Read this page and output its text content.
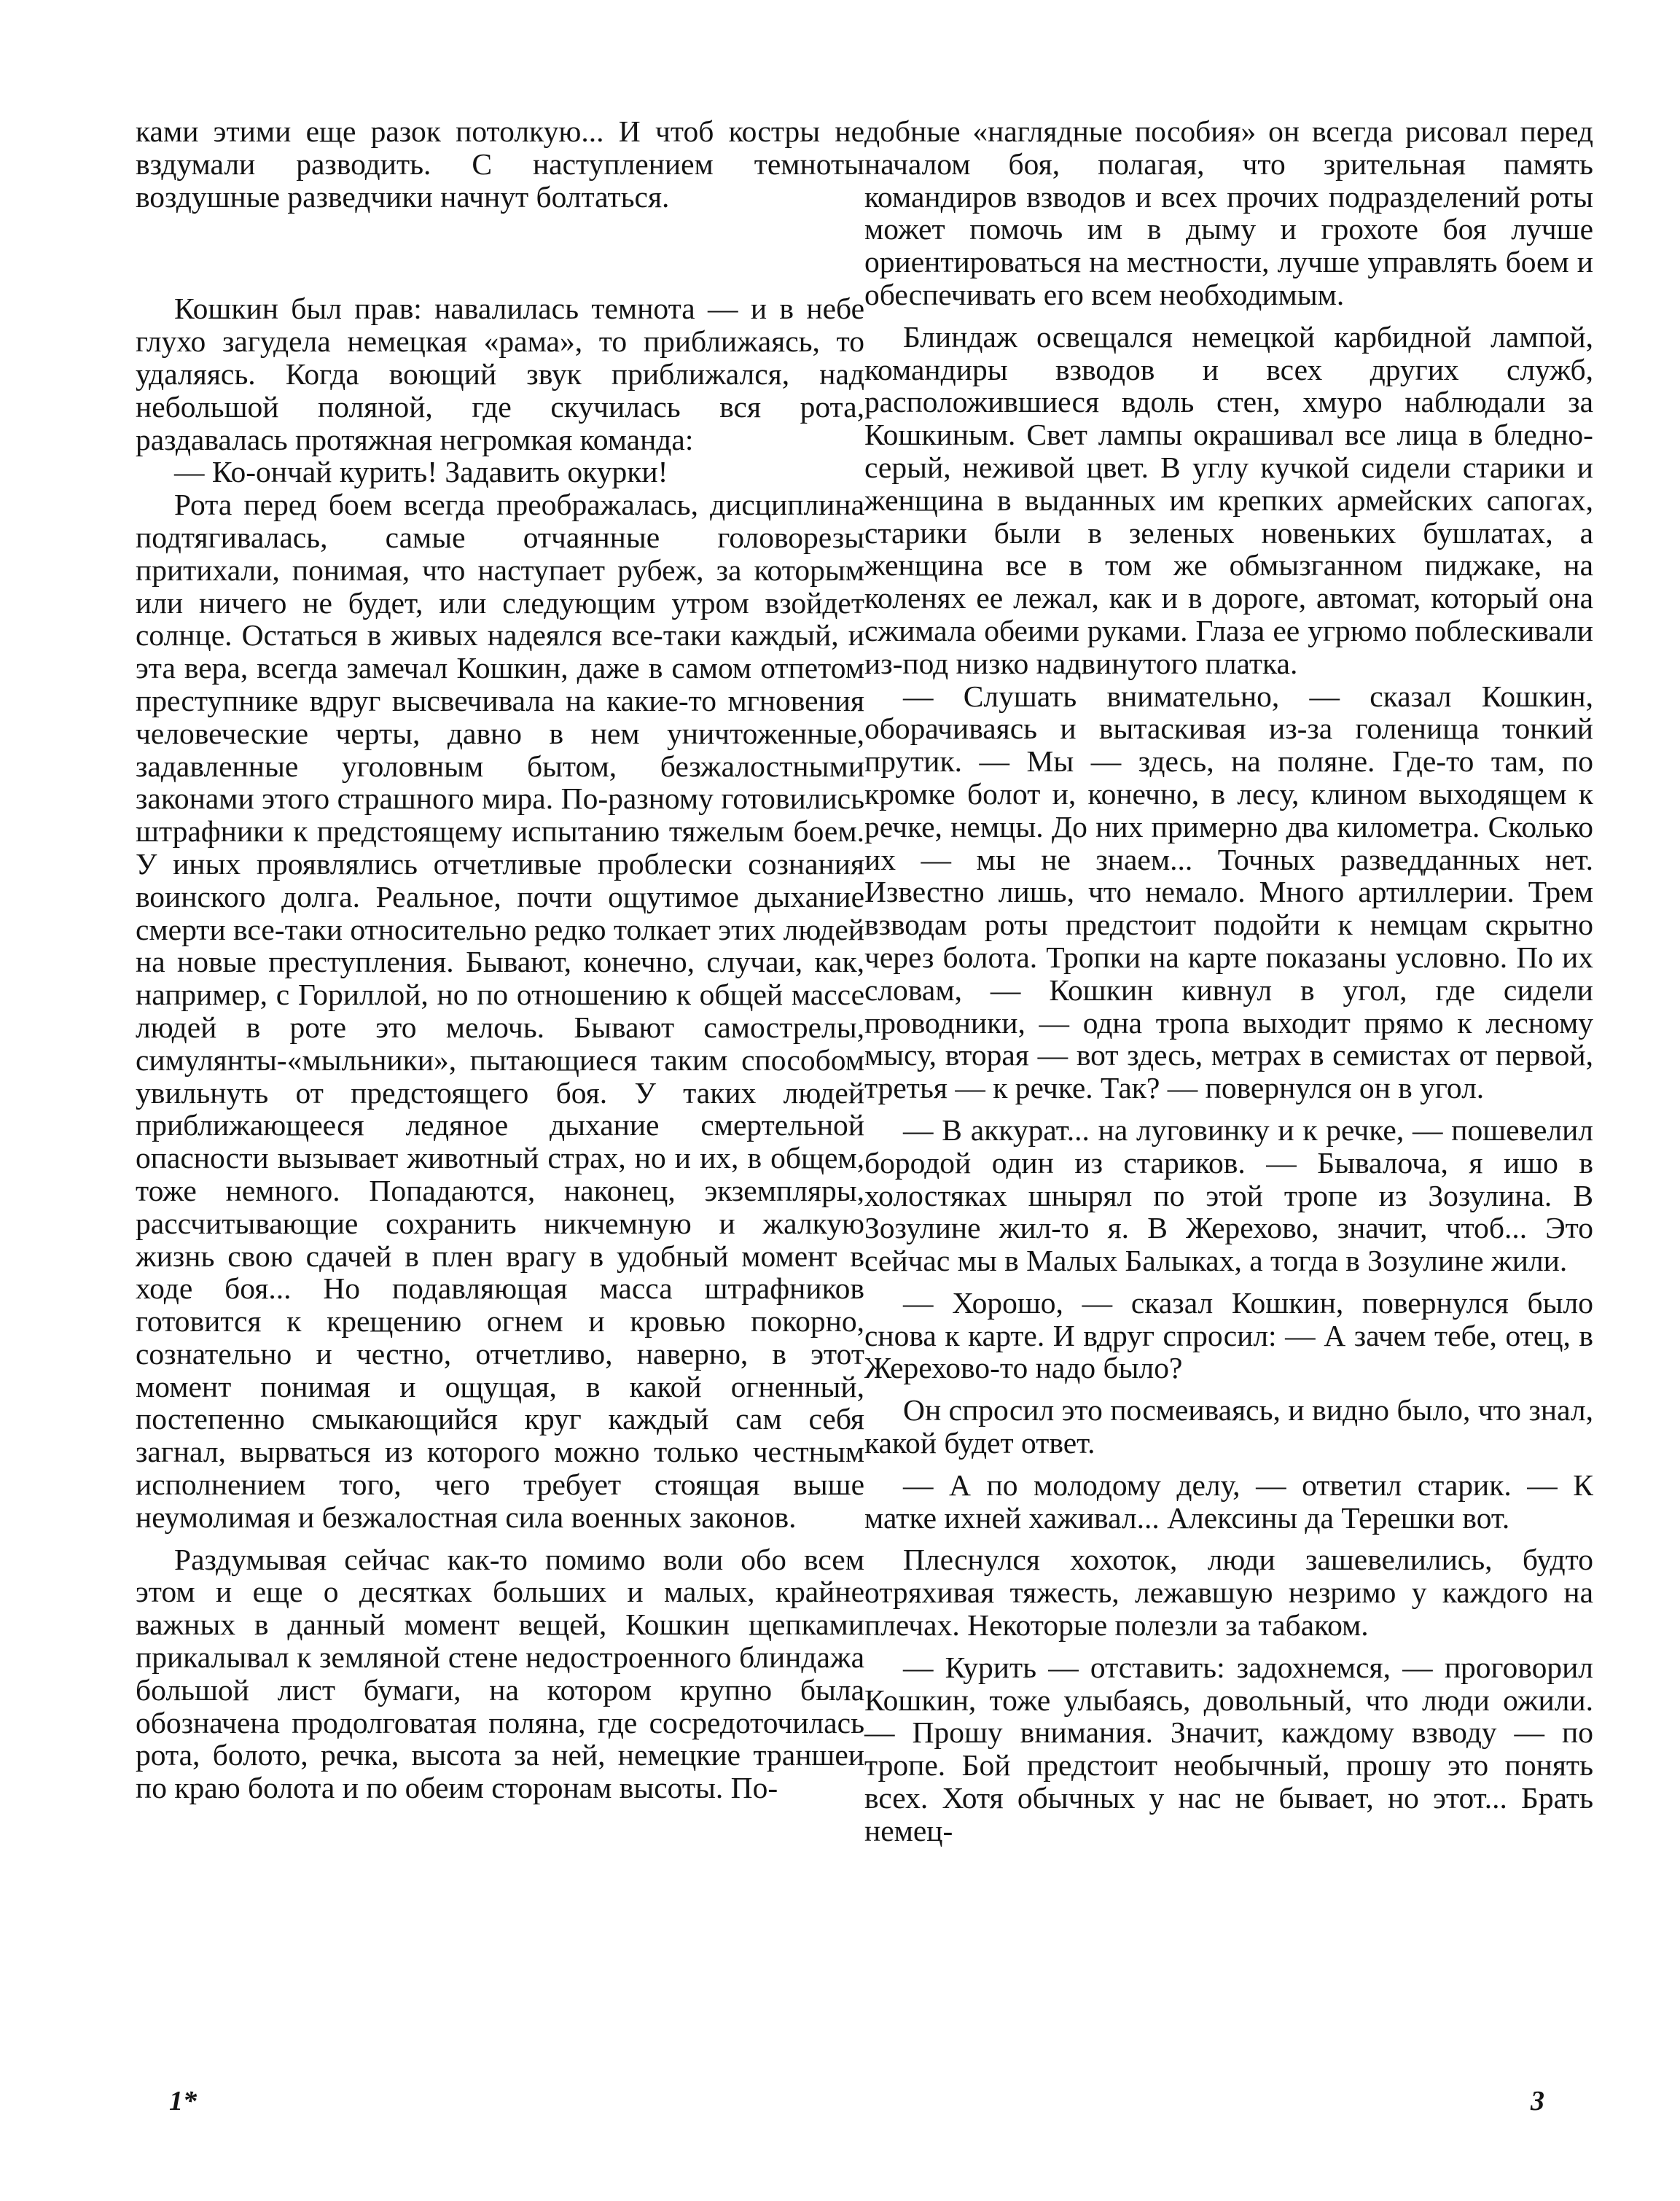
ками этими еще разок потолкую... И чтоб костры не вздумали разводить. С наступлением темноты воздушные разведчики начнут болтаться.

Кошкин был прав: навалилась темнота — и в небе глухо загудела немецкая «рама», то приближаясь, то удаляясь. Когда воющий звук приближался, над небольшой поляной, где скучилась вся рота, раздавалась протяжная негромкая команда:

— Ко-ончай курить! Задавить окурки!

Рота перед боем всегда преображалась, дисциплина подтягивалась, самые отчаянные головорезы притихали, понимая, что наступает рубеж, за которым или ничего не будет, или следующим утром взойдет солнце. Остаться в живых надеялся все-таки каждый, и эта вера, всегда замечал Кошкин, даже в самом отпетом преступнике вдруг высвечивала на какие-то мгновения человеческие черты, давно в нем уничтоженные, задавленные уголовным бытом, безжалостными законами этого страшного мира. По-разному готовились штрафники к предстоящему испытанию тяжелым боем. У иных проявлялись отчетливые проблески сознания воинского долга. Реальное, почти ощутимое дыхание смерти все-таки относительно редко толкает этих людей на новые преступления. Бывают, конечно, случаи, как, например, с Гориллой, но по отношению к общей массе людей в роте это мелочь. Бывают самострелы, симулянты-«мыльники», пытающиеся таким способом увильнуть от предстоящего боя. У таких людей приближающееся ледяное дыхание смертельной опасности вызывает животный страх, но и их, в общем, тоже немного. Попадаются, наконец, экземпляры, рассчитывающие сохранить никчемную и жалкую жизнь свою сдачей в плен врагу в удобный момент в ходе боя... Но подавляющая масса штрафников готовится к крещению огнем и кровью покорно, сознательно и честно, отчетливо, наверно, в этот момент понимая и ощущая, в какой огненный, постепенно смыкающийся круг каждый сам себя загнал, вырваться из которого можно только честным исполнением того, чего требует стоящая выше неумолимая и безжалостная сила военных законов.

Раздумывая сейчас как-то помимо воли обо всем этом и еще о десятках больших и малых, крайне важных в данный момент вещей, Кошкин щепками прикалывал к земляной стене недостроенного блиндажа большой лист бумаги, на котором крупно была обозначена продолговатая поляна, где сосредоточилась рота, болото, речка, высота за ней, немецкие траншеи по краю болота и по обеим сторонам высоты. По-

добные «наглядные пособия» он всегда рисовал перед началом боя, полагая, что зрительная память командиров взводов и всех прочих подразделений роты может помочь им в дыму и грохоте боя лучше ориентироваться на местности, лучше управлять боем и обеспечивать его всем необходимым.

Блиндаж освещался немецкой карбидной лампой, командиры взводов и всех других служб, расположившиеся вдоль стен, хмуро наблюдали за Кошкиным. Свет лампы окрашивал все лица в бледно-серый, неживой цвет. В углу кучкой сидели старики и женщина в выданных им крепких армейских сапогах, старики были в зеленых новеньких бушлатах, а женщина все в том же обмызганном пиджаке, на коленях ее лежал, как и в дороге, автомат, который она сжимала обеими руками. Глаза ее угрюмо поблескивали из-под низко надвинутого платка.

— Слушать внимательно, — сказал Кошкин, оборачиваясь и вытаскивая из-за голенища тонкий прутик. — Мы — здесь, на поляне. Где-то там, по кромке болот и, конечно, в лесу, клином выходящем к речке, немцы. До них примерно два километра. Сколько их — мы не знаем... Точных разведданных нет. Известно лишь, что немало. Много артиллерии. Трем взводам роты предстоит подойти к немцам скрытно через болота. Тропки на карте показаны условно. По их словам, — Кошкин кивнул в угол, где сидели проводники, — одна тропа выходит прямо к лесному мысу, вторая — вот здесь, метрах в семистах от первой, третья — к речке. Так? — повернулся он в угол.

— В аккурат... на луговинку и к речке, — пошевелил бородой один из стариков. — Бывалоча, я ишо в холостяках шнырял по этой тропе из Зозулина. В Зозулине жил-то я. В Жерехово, значит, чтоб... Это сейчас мы в Малых Балыках, а тогда в Зозулине жили.

— Хорошо, — сказал Кошкин, повернулся было снова к карте. И вдруг спросил: — А зачем тебе, отец, в Жерехово-то надо было?

Он спросил это посмеиваясь, и видно было, что знал, какой будет ответ.

— А по молодому делу, — ответил старик. — К матке ихней хаживал... Алексины да Терешки вот.

Плеснулся хохоток, люди зашевелились, будто отряхивая тяжесть, лежавшую незримо у каждого на плечах. Некоторые полезли за табаком.

— Курить — отставить: задохнемся, — проговорил Кошкин, тоже улыбаясь, довольный, что люди ожили. — Прошу внимания. Значит, каждому взводу — по тропе. Бой предстоит необычный, прошу это понять всех. Хотя обычных у нас не бывает, но этот... Брать немец-

1*	3
